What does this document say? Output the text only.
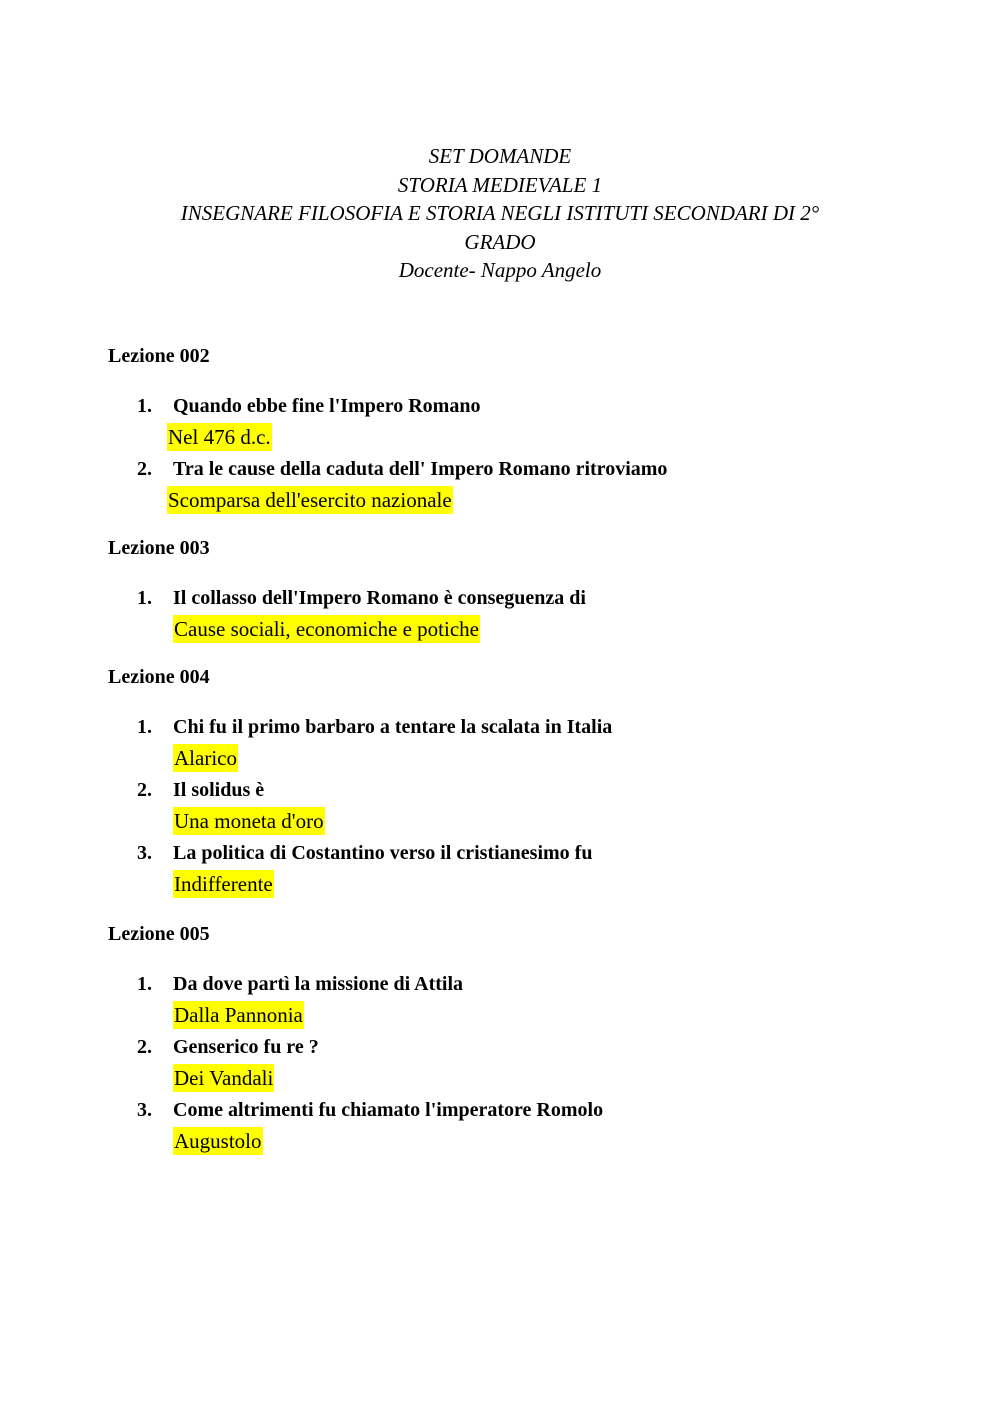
SET DOMANDE
STORIA MEDIEVALE 1
INSEGNARE FILOSOFIA E STORIA NEGLI ISTITUTI SECONDARI DI 2°
GRADO
Docente- Nappo Angelo

Lezione 002

1. Quando ebbe fine l'Impero Romano
Nel 476 d.c.
2. Tra le cause della caduta dell' Impero Romano ritroviamo
Scomparsa dell'esercito nazionale

Lezione 003

1. Il collasso dell'Impero Romano è conseguenza di
Cause sociali, economiche e potiche

Lezione 004

1. Chi fu il primo barbaro a tentare la scalata in Italia
Alarico
2. Il solidus è
Una moneta d'oro
3. La politica di Costantino verso il cristianesimo fu
Indifferente

Lezione 005

1. Da dove partì la missione di Attila
Dalla Pannonia
2. Genserico fu re ?
Dei Vandali
3. Come altrimenti fu chiamato l'imperatore Romolo
Augustolo
